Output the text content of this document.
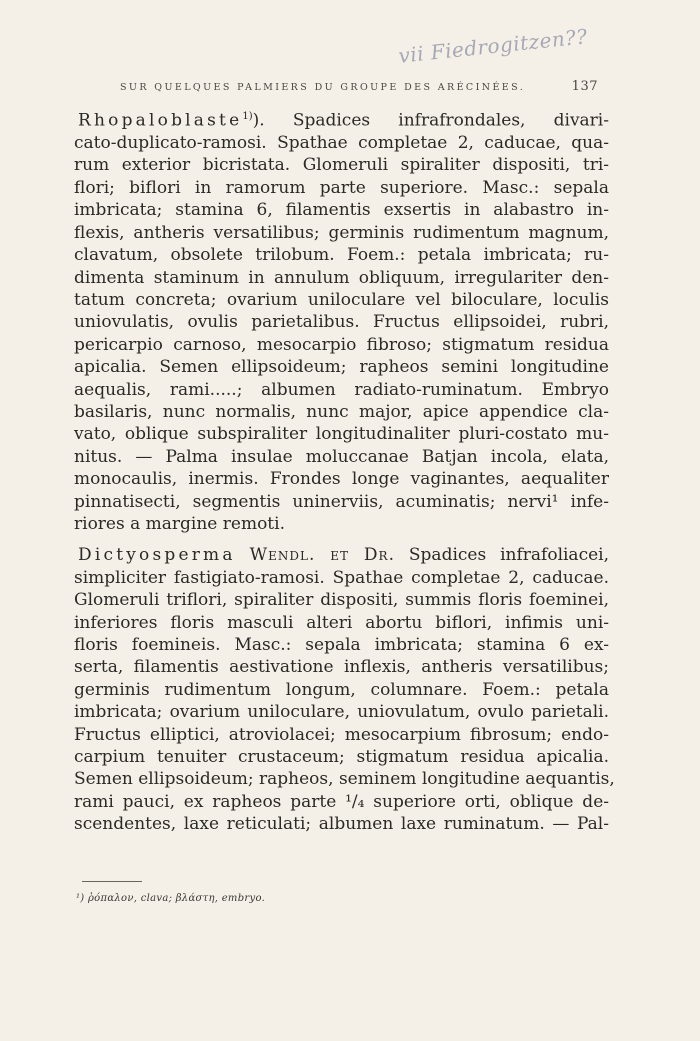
vii Fiedrogitzen??
SUR QUELQUES PALMIERS DU GROUPE DES ARÉCINÉES.	137

Rhopaloblaste$^{1)}$). Spadices infrafrondales, divari-
cato-duplicato-ramosi. Spathae completae 2, caducae, qua-
rum exterior bicristata. Glomeruli spiraliter dispositi, tri-
flori; biflori in ramorum parte superiore. Masc.: sepala
imbricata; stamina 6, filamentis exsertis in alabastro in-
flexis, antheris versatilibus; germinis rudimentum magnum,
clavatum, obsolete trilobum. Foem.: petala imbricata; ru-
dimenta staminum in annulum obliquum, irregulariter den-
tatum concreta; ovarium uniloculare vel biloculare, loculis
uniovulatis, ovulis parietalibus. Fructus ellipsoidei, rubri,
pericarpio carnoso, mesocarpio fibroso; stigmatum residua
apicalia. Semen ellipsoideum; rapheos semini longitudine
aequalis, rami.....; albumen radiato-ruminatum. Embryo
basilaris, nunc normalis, nunc major, apice appendice cla-
vato, oblique subspiraliter longitudinaliter pluri-costato mu-
nitus. — Palma insulae moluccanae Batjan incola, elata,
monocaulis, inermis. Frondes longe vaginantes, aequaliter
pinnatisecti, segmentis uninerviis, acuminatis; nervi¹ infe-
riores a margine remoti.

Dictyosperma Wendl. et Dr. Spadices infrafoliacei,
simpliciter fastigiato-ramosi. Spathae completae 2, caducae.
Glomeruli triflori, spiraliter dispositi, summis floris foeminei,
inferiores floris masculi alteri abortu biflori, infimis uni-
floris foemineis. Masc.: sepala imbricata; stamina 6 ex-
serta, filamentis aestivatione inflexis, antheris versatilibus;
germinis rudimentum longum, columnare. Foem.: petala
imbricata; ovarium uniloculare, uniovulatum, ovulo parietali.
Fructus elliptici, atroviolacei; mesocarpium fibrosum; endo-
carpium tenuiter crustaceum; stigmatum residua apicalia.
Semen ellipsoideum; rapheos, seminem longitudine aequantis,
rami pauci, ex rapheos parte ¹/₄ superiore orti, oblique de-
scendentes, laxe reticulati; albumen laxe ruminatum. — Pal-

¹) ῥόπαλον, clava; βλάστη, embryo.
